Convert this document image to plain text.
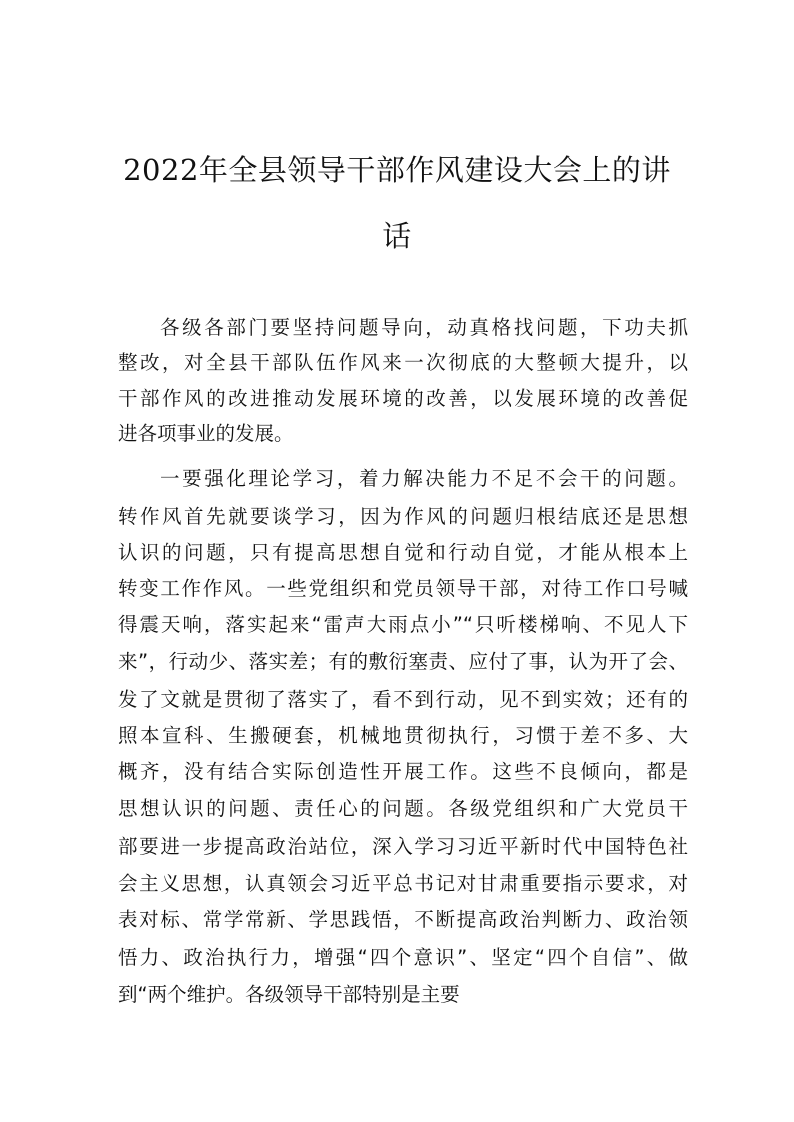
2022年全县领导干部作风建设大会上的讲
话
各级各部门要坚持问题导向，动真格找问题，下功夫抓
整改，对全县干部队伍作风来一次彻底的大整顿大提升，以
干部作风的改进推动发展环境的改善，以发展环境的改善促
进各项事业的发展。
一要强化理论学习，着力解决能力不足不会干的问题。
转作风首先就要谈学习，因为作风的问题归根结底还是思想
认识的问题，只有提高思想自觉和行动自觉，才能从根本上
转变工作作风。一些党组织和党员领导干部，对待工作口号喊
得震天响，落实起来“雷声大雨点小”“只听楼梯响、不见人下
来”，行动少、落实差；有的敷衍塞责、应付了事，认为开了会、
发了文就是贯彻了落实了，看不到行动，见不到实效；还有的
照本宣科、生搬硬套，机械地贯彻执行，习惯于差不多、大
概齐，没有结合实际创造性开展工作。这些不良倾向，都是
思想认识的问题、责任心的问题。各级党组织和广大党员干
部要进一步提高政治站位，深入学习习近平新时代中国特色社
会主义思想，认真领会习近平总书记对甘肃重要指示要求，对
表对标、常学常新、学思践悟，不断提高政治判断力、政治领
悟力、政治执行力，增强“四个意识”、坚定“四个自信”、做
到“两个维护。各级领导干部特别是主要
